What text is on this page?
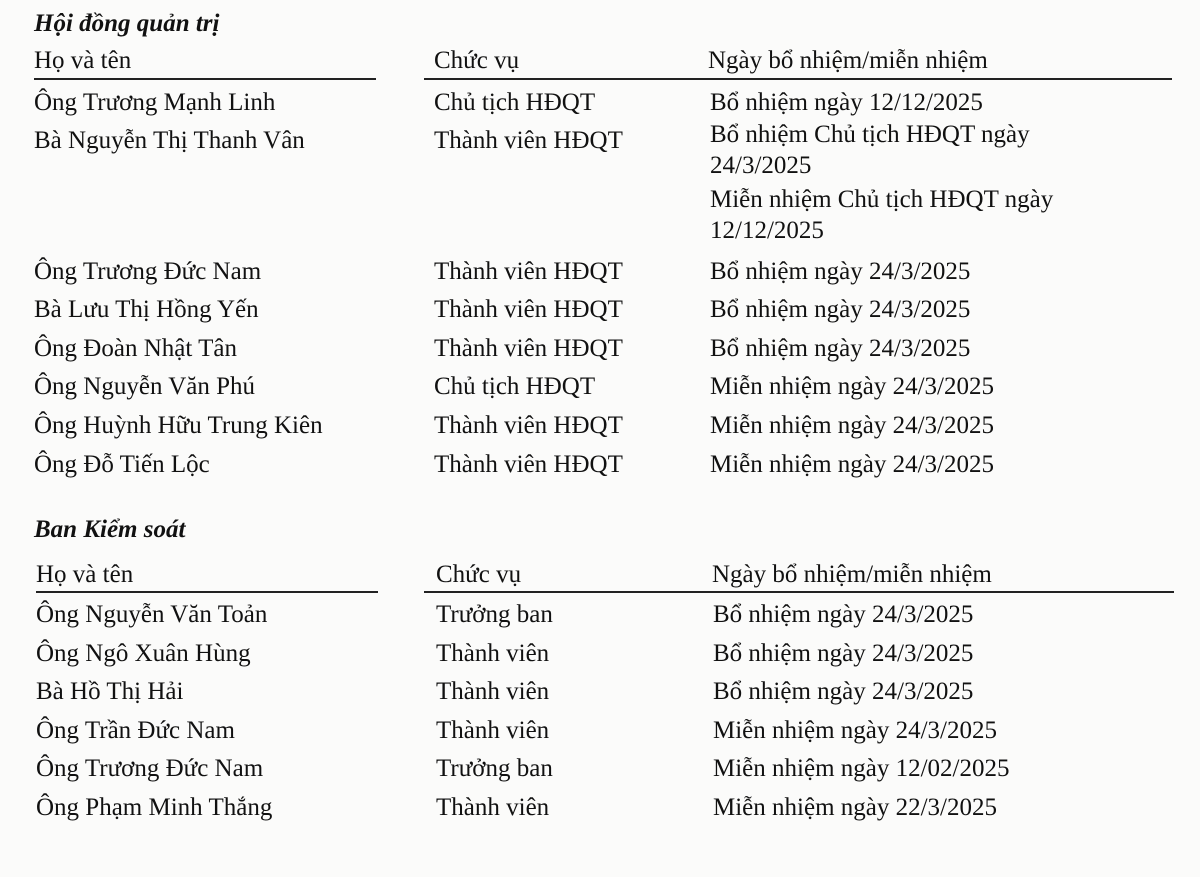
Hội đồng quản trị
Họ và tên	Chức vụ	Ngày bổ nhiệm/miễn nhiệm
Ông Trương Mạnh Linh	Chủ tịch HĐQT	Bổ nhiệm ngày 12/12/2025
Bà Nguyễn Thị Thanh Vân	Thành viên HĐQT	Bổ nhiệm Chủ tịch HĐQT ngày
24/3/2025
Miễn nhiệm Chủ tịch HĐQT ngày
12/12/2025
Ông Trương Đức Nam	Thành viên HĐQT	Bổ nhiệm ngày 24/3/2025
Bà Lưu Thị Hồng Yến	Thành viên HĐQT	Bổ nhiệm ngày 24/3/2025
Ông Đoàn Nhật Tân	Thành viên HĐQT	Bổ nhiệm ngày 24/3/2025
Ông Nguyễn Văn Phú	Chủ tịch HĐQT	Miễn nhiệm ngày 24/3/2025
Ông Huỳnh Hữu Trung Kiên	Thành viên HĐQT	Miễn nhiệm ngày 24/3/2025
Ông Đỗ Tiến Lộc	Thành viên HĐQT	Miễn nhiệm ngày 24/3/2025
Ban Kiểm soát
Họ và tên	Chức vụ	Ngày bổ nhiệm/miễn nhiệm
Ông Nguyễn Văn Toản	Trưởng ban	Bổ nhiệm ngày 24/3/2025
Ông Ngô Xuân Hùng	Thành viên	Bổ nhiệm ngày 24/3/2025
Bà Hồ Thị Hải	Thành viên	Bổ nhiệm ngày 24/3/2025
Ông Trần Đức Nam	Thành viên	Miễn nhiệm ngày 24/3/2025
Ông Trương Đức Nam	Trưởng ban	Miễn nhiệm ngày 12/02/2025
Ông Phạm Minh Thắng	Thành viên	Miễn nhiệm ngày 22/3/2025
